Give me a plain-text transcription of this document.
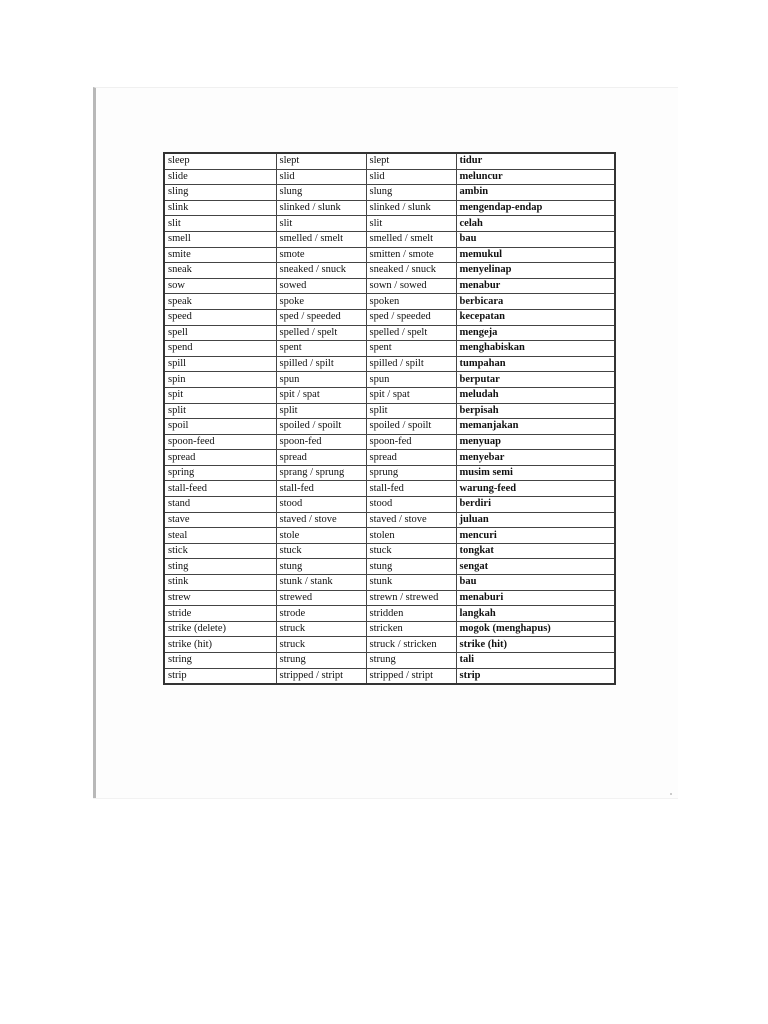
sleep	slept	slept	tidur
slide	slid	slid	meluncur
sling	slung	slung	ambin
slink	slinked / slunk	slinked / slunk	mengendap-endap
slit	slit	slit	celah
smell	smelled / smelt	smelled / smelt	bau
smite	smote	smitten / smote	memukul
sneak	sneaked / snuck	sneaked / snuck	menyelinap
sow	sowed	sown / sowed	menabur
speak	spoke	spoken	berbicara
speed	sped / speeded	sped / speeded	kecepatan
spell	spelled / spelt	spelled / spelt	mengeja
spend	spent	spent	menghabiskan
spill	spilled / spilt	spilled / spilt	tumpahan
spin	spun	spun	berputar
spit	spit / spat	spit / spat	meludah
split	split	split	berpisah
spoil	spoiled / spoilt	spoiled / spoilt	memanjakan
spoon-feed	spoon-fed	spoon-fed	menyuap
spread	spread	spread	menyebar
spring	sprang / sprung	sprung	musim semi
stall-feed	stall-fed	stall-fed	warung-feed
stand	stood	stood	berdiri
stave	staved / stove	staved / stove	juluan
steal	stole	stolen	mencuri
stick	stuck	stuck	tongkat
sting	stung	stung	sengat
stink	stunk / stank	stunk	bau
strew	strewed	strewn / strewed	menaburi
stride	strode	stridden	langkah
strike (delete)	struck	stricken	mogok (menghapus)
strike (hit)	struck	struck / stricken	strike (hit)
string	strung	strung	tali
strip	stripped / stript	stripped / stript	strip
